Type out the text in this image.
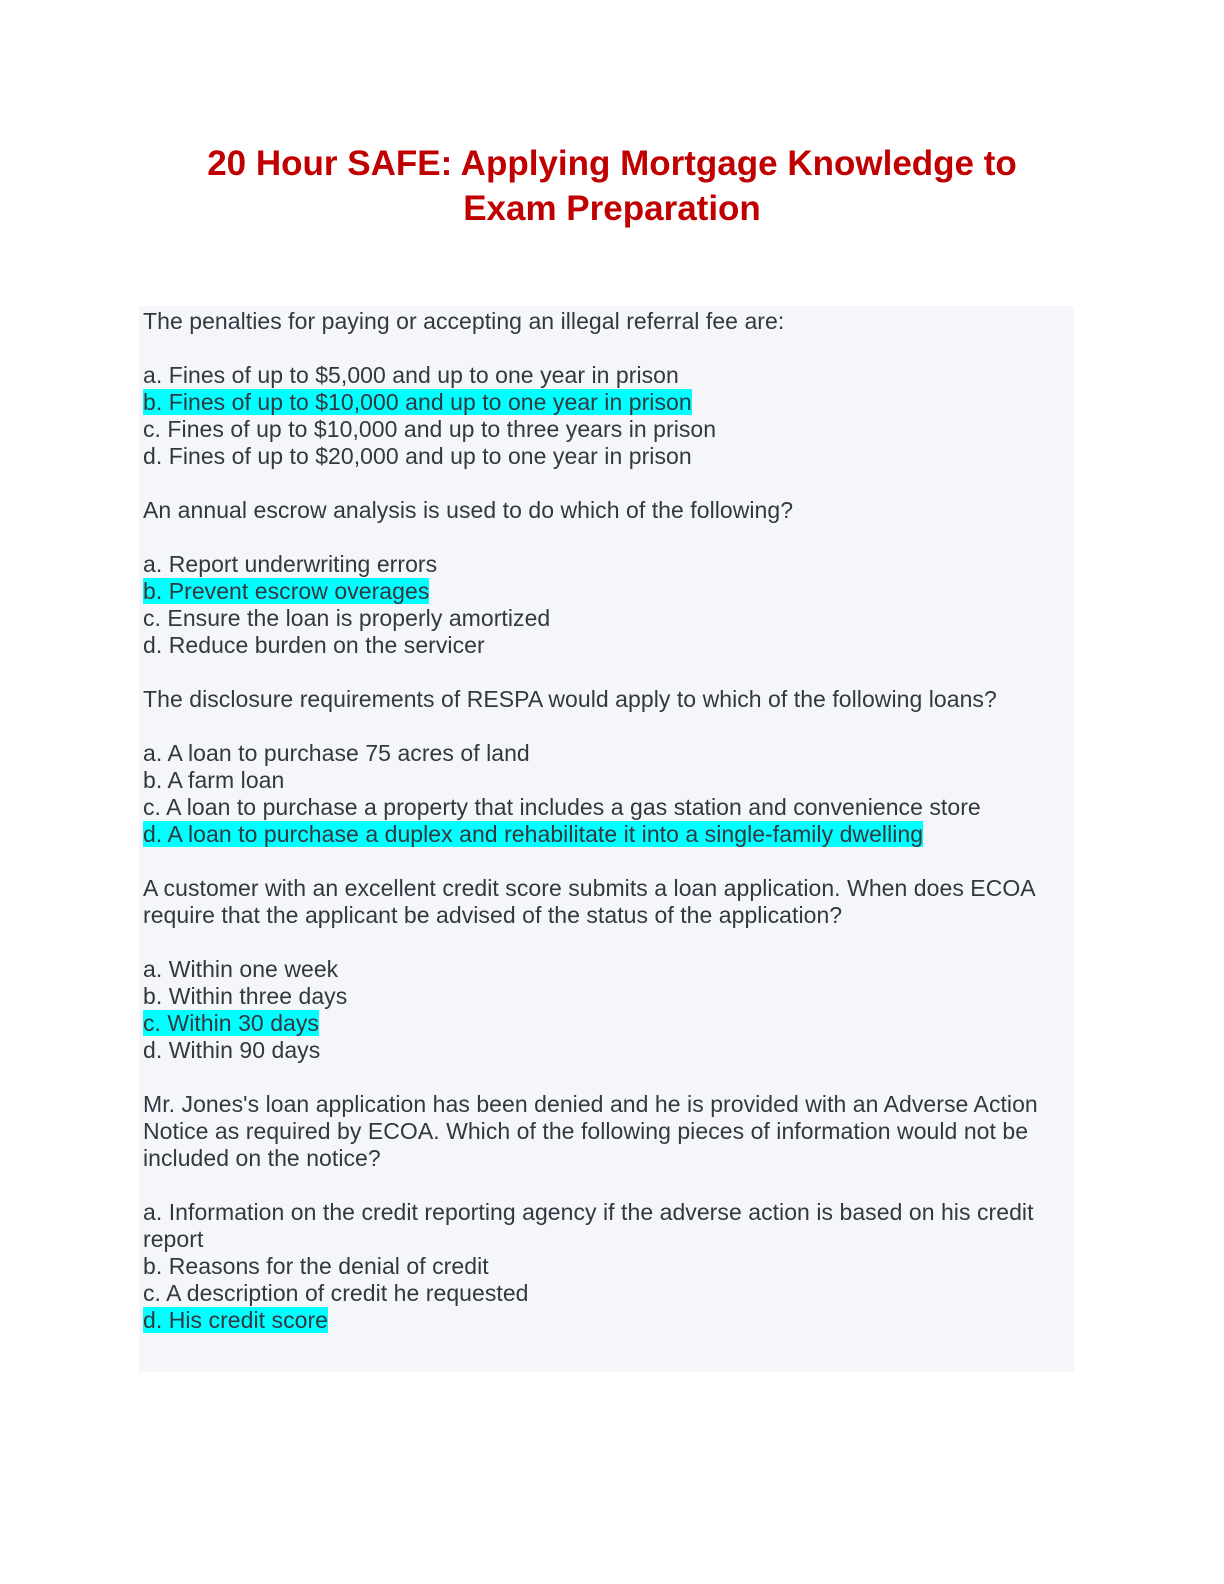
20 Hour SAFE: Applying Mortgage Knowledge to
Exam Preparation

The penalties for paying or accepting an illegal referral fee are:

a. Fines of up to $5,000 and up to one year in prison
b. Fines of up to $10,000 and up to one year in prison
c. Fines of up to $10,000 and up to three years in prison
d. Fines of up to $20,000 and up to one year in prison

An annual escrow analysis is used to do which of the following?

a. Report underwriting errors
b. Prevent escrow overages
c. Ensure the loan is properly amortized
d. Reduce burden on the servicer

The disclosure requirements of RESPA would apply to which of the following loans?

a. A loan to purchase 75 acres of land
b. A farm loan
c. A loan to purchase a property that includes a gas station and convenience store
d. A loan to purchase a duplex and rehabilitate it into a single-family dwelling

A customer with an excellent credit score submits a loan application. When does ECOA require that the applicant be advised of the status of the application?

a. Within one week
b. Within three days
c. Within 30 days
d. Within 90 days

Mr. Jones's loan application has been denied and he is provided with an Adverse Action Notice as required by ECOA. Which of the following pieces of information would not be included on the notice?

a. Information on the credit reporting agency if the adverse action is based on his credit report
b. Reasons for the denial of credit
c. A description of credit he requested
d. His credit score
